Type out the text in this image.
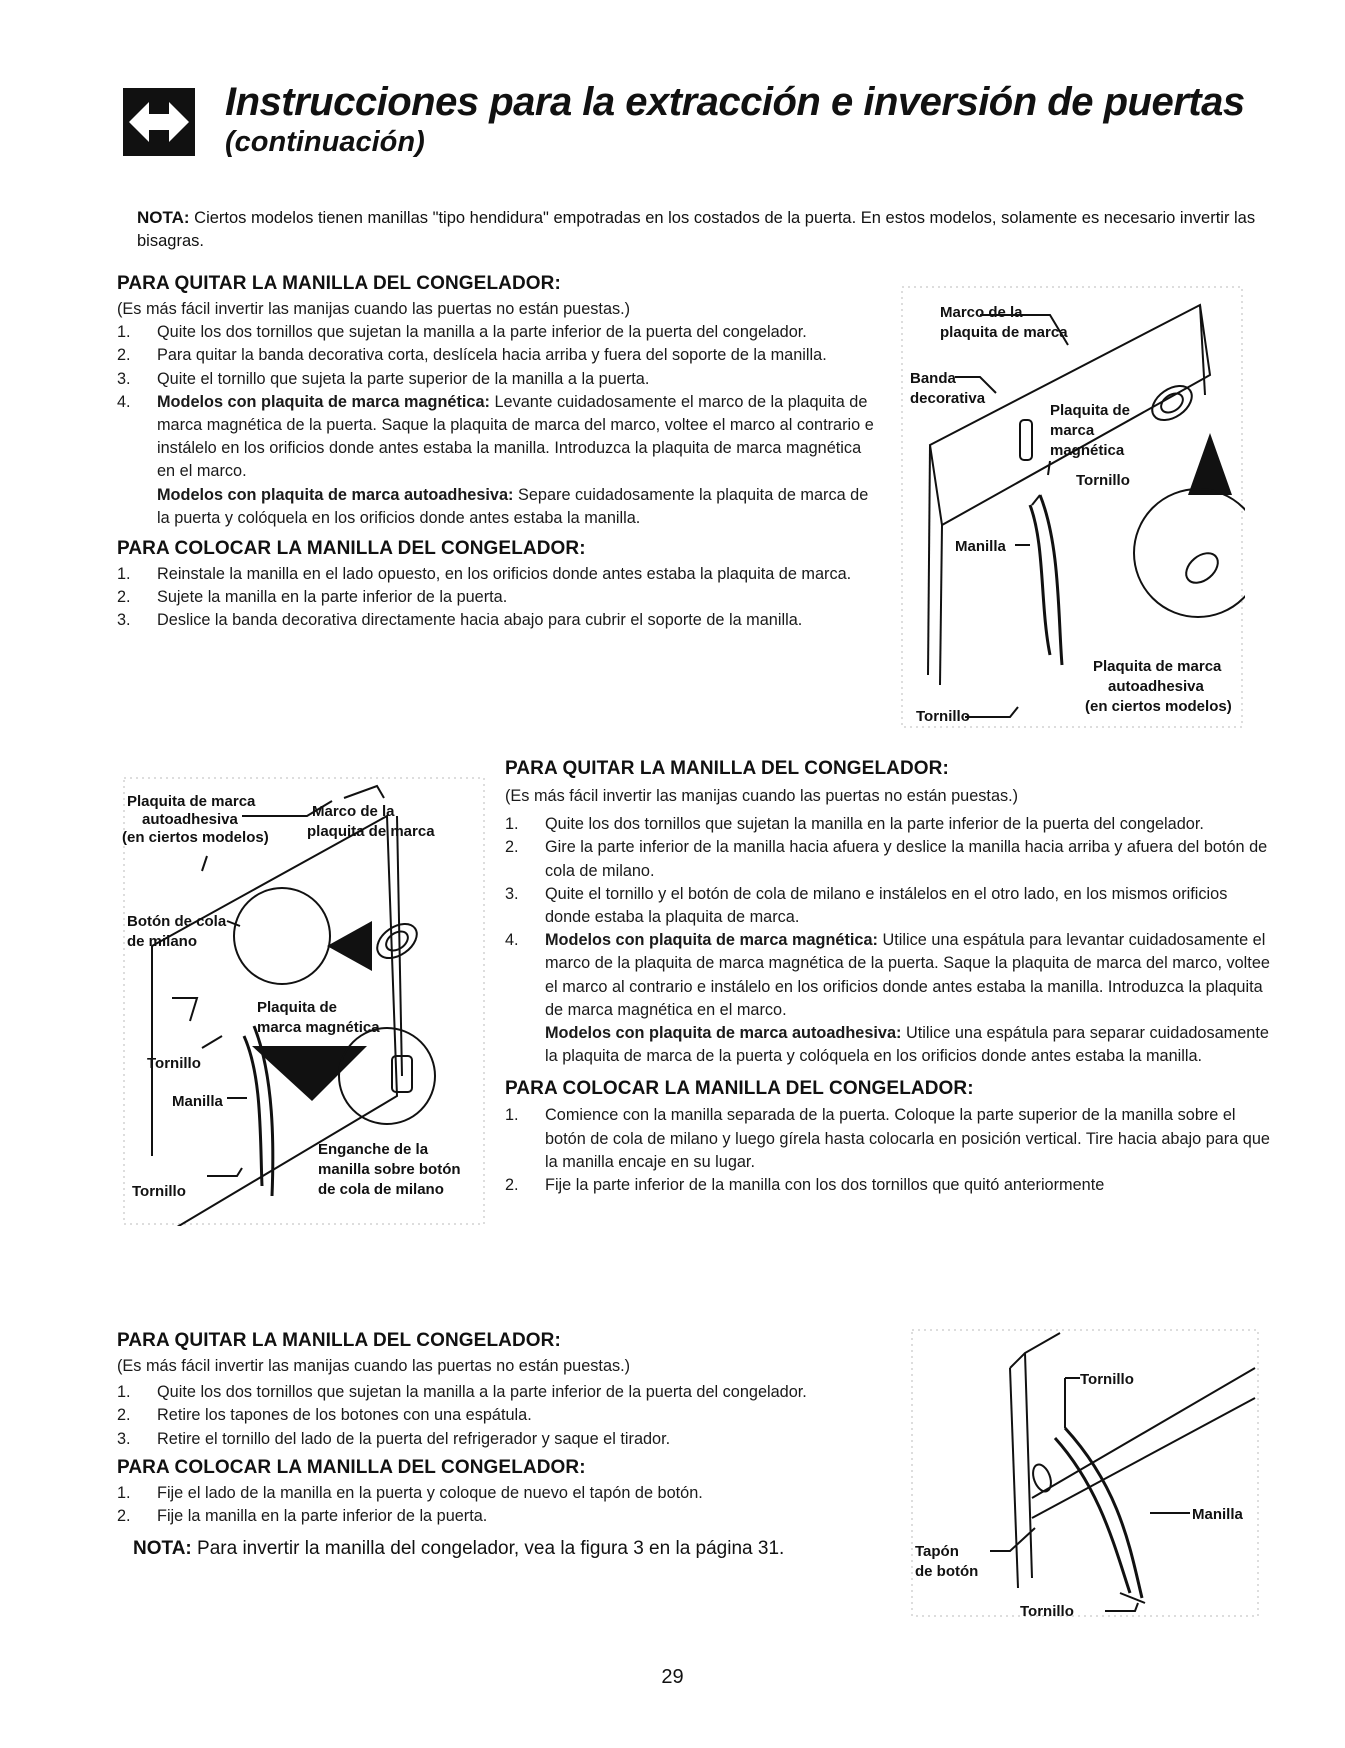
Instrucciones para la extracción e inversión de puertas
(continuación)
NOTA: Ciertos modelos tienen manillas "tipo hendidura" empotradas en los costados de la puerta. En estos modelos, solamente es necesario invertir las bisagras.
PARA QUITAR LA MANILLA DEL CONGELADOR:
(Es más fácil invertir las manijas cuando las puertas no están puestas.)
1. Quite los dos tornillos que sujetan la manilla a la parte inferior de la puerta del congelador.
2. Para quitar la banda decorativa corta, deslícela hacia arriba y fuera del soporte de la manilla.
3. Quite el tornillo que sujeta la parte superior de la manilla a la puerta.
4. Modelos con plaquita de marca magnética: Levante cuidadosamente el marco de la plaquita de marca magnética de la puerta. Saque la plaquita de marca del marco, voltee el marco al contrario e instálelo en los orificios donde antes estaba la manilla. Introduzca la plaquita de marca magnética en el marco.
Modelos con plaquita de marca autoadhesiva: Separe cuidadosamente la plaquita de marca de la puerta y colóquela en los orificios donde antes estaba la manilla.
PARA COLOCAR LA MANILLA DEL CONGELADOR:
1. Reinstale la manilla en el lado opuesto, en los orificios donde antes estaba la plaquita de marca.
2. Sujete la manilla en la parte inferior de la puerta.
3. Deslice la banda decorativa directamente hacia abajo para cubrir el soporte de la manilla.
Marco de la
plaquita de marca
Banda
decorativa
Plaquita de
marca
magnética
Tornillo
Manilla
Plaquita de marca
autoadhesiva
(en ciertos modelos)
Tornillo
Plaquita de marca
autoadhesiva
(en ciertos modelos)
Marco de la
plaquita de marca
Botón de cola
de milano
Plaquita de
marca magnética
Tornillo
Manilla
Enganche de la
manilla sobre botón
de cola de milano
Tornillo
PARA QUITAR LA MANILLA DEL CONGELADOR:
(Es más fácil invertir las manijas cuando las puertas no están puestas.)
1. Quite los dos tornillos que sujetan la manilla en la parte inferior de la puerta del congelador.
2. Gire la parte inferior de la manilla hacia afuera y deslice la manilla hacia arriba y afuera del botón de cola de milano.
3. Quite el tornillo y el botón de cola de milano e instálelos en el otro lado, en los mismos orificios donde estaba la plaquita de marca.
4. Modelos con plaquita de marca magnética: Utilice una espátula para levantar cuidadosamente el marco de la plaquita de marca magnética de la puerta. Saque la plaquita de marca del marco, voltee el marco al contrario e instálelo en los orificios donde antes estaba la manilla. Introduzca la plaquita de marca magnética en el marco.
Modelos con plaquita de marca autoadhesiva: Utilice una espátula para separar cuidadosamente la plaquita de marca de la puerta y colóquela en los orificios donde antes estaba la manilla.
PARA COLOCAR LA MANILLA DEL CONGELADOR:
1. Comience con la manilla separada de la puerta. Coloque la parte superior de la manilla sobre el botón de cola de milano y luego gírela hasta colocarla en posición vertical. Tire hacia abajo para que la manilla encaje en su lugar.
2. Fije la parte inferior de la manilla con los dos tornillos que quitó anteriormente
PARA QUITAR LA MANILLA DEL CONGELADOR:
(Es más fácil invertir las manijas cuando las puertas no están puestas.)
1. Quite los dos tornillos que sujetan la manilla a la parte inferior de la puerta del congelador.
2. Retire los tapones de los botones con una espátula.
3. Retire el tornillo del lado de la puerta del refrigerador y saque el tirador.
PARA COLOCAR LA MANILLA DEL CONGELADOR:
1. Fije el lado de la manilla en la puerta y coloque de nuevo el tapón de botón.
2. Fije la manilla en la parte inferior de la puerta.
NOTA: Para invertir la manilla del congelador, vea la figura 3 en la página 31.
Tornillo
Manilla
Tapón
de botón
Tornillo
29
